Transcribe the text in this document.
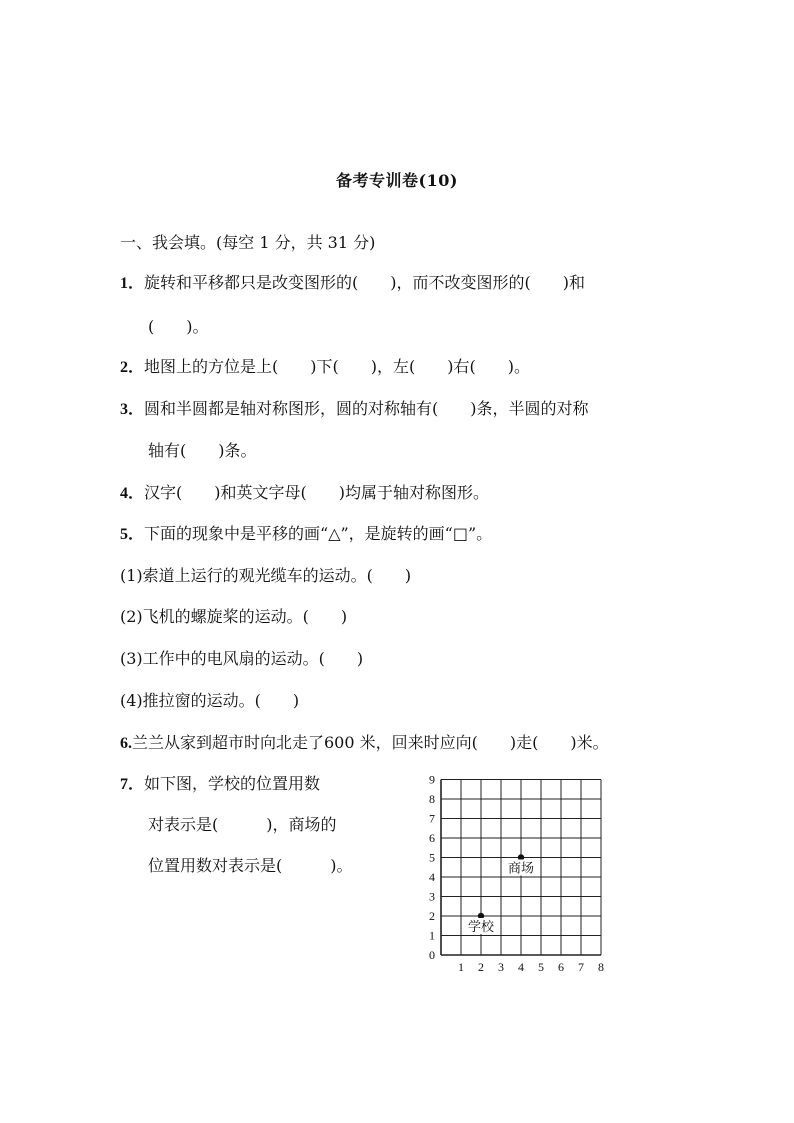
备考专训卷(10)
一、我会填。(每空 1 分，共 31 分)
1．旋转和平移都只是改变图形的(　　)，而不改变图形的(　　)和
(　　)。
2．地图上的方位是上(　　)下(　　)，左(　　)右(　　)。
3．圆和半圆都是轴对称图形，圆的对称轴有(　　)条，半圆的对称
轴有(　　)条。
4．汉字(　　)和英文字母(　　)均属于轴对称图形。
5．下面的现象中是平移的画“△”，是旋转的画“□”。
(1)索道上运行的观光缆车的运动。(　　)
(2)飞机的螺旋桨的运动。(　　)
(3)工作中的电风扇的运动。(　　)
(4)推拉窗的运动。(　　)
6.兰兰从家到超市时向北走了600 米，回来时应向(　　)走(　　)米。
7．如下图，学校的位置用数
对表示是(　　　)，商场的
位置用数对表示是(　　　)。
1 2 3 4 5 6 7 8
0
1
2
3
4
5
6
7
8
9
学校
商场
